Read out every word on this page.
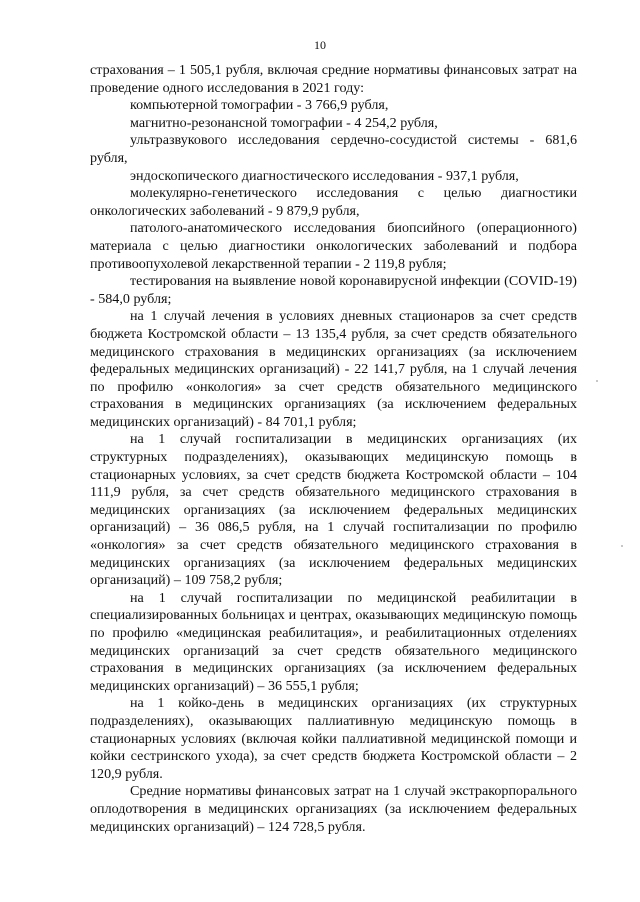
10

страхования – 1 505,1 рубля, включая средние нормативы финансовых затрат на проведение одного исследования в 2021 году:

компьютерной томографии - 3 766,9 рубля,

магнитно-резонансной томографии - 4 254,2 рубля,

ультразвукового исследования сердечно-сосудистой системы - 681,6 рубля,

эндоскопического диагностического исследования - 937,1 рубля,

молекулярно-генетического исследования с целью диагностики онкологических заболеваний - 9 879,9 рубля,

патолого-анатомического исследования биопсийного (операционного) материала с целью диагностики онкологических заболеваний и подбора противоопухолевой лекарственной терапии - 2 119,8 рубля;

тестирования на выявление новой коронавирусной инфекции (COVID-19) - 584,0 рубля;

на 1 случай лечения в условиях дневных стационаров за счет средств бюджета Костромской области – 13 135,4 рубля, за счет средств обязательного медицинского страхования в медицинских организациях (за исключением федеральных медицинских организаций) - 22 141,7 рубля, на 1 случай лечения по профилю «онкология» за счет средств обязательного медицинского страхования в медицинских организациях (за исключением федеральных медицинских организаций) - 84 701,1 рубля;

на 1 случай госпитализации в медицинских организациях (их структурных подразделениях), оказывающих медицинскую помощь в стационарных условиях, за счет средств бюджета Костромской области – 104 111,9 рубля, за счет средств обязательного медицинского страхования в медицинских организациях (за исключением федеральных медицинских организаций) – 36 086,5 рубля, на 1 случай госпитализации по профилю «онкология» за счет средств обязательного медицинского страхования в медицинских организациях (за исключением федеральных медицинских организаций) – 109 758,2 рубля;

на 1 случай госпитализации по медицинской реабилитации в специализированных больницах и центрах, оказывающих медицинскую помощь по профилю «медицинская реабилитация», и реабилитационных отделениях медицинских организаций за счет средств обязательного медицинского страхования в медицинских организациях (за исключением федеральных медицинских организаций) – 36 555,1 рубля;

на 1 койко-день в медицинских организациях (их структурных подразделениях), оказывающих паллиативную медицинскую помощь в стационарных условиях (включая койки паллиативной медицинской помощи и койки сестринского ухода), за счет средств бюджета Костромской области – 2 120,9 рубля.

Средние нормативы финансовых затрат на 1 случай экстракорпорального оплодотворения в медицинских организациях (за исключением федеральных медицинских организаций) – 124 728,5 рубля.
